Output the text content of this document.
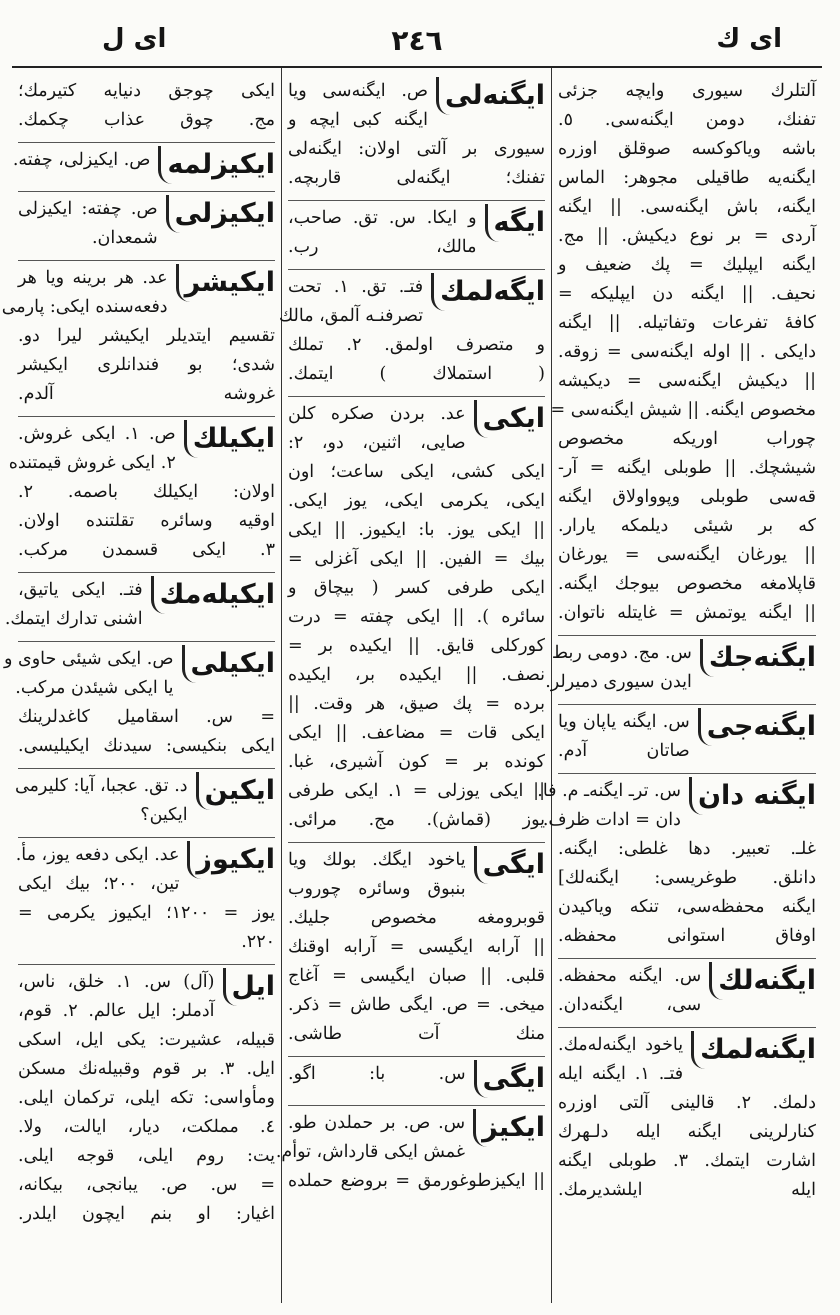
ای ك
٢٤٦
ای ل
آلتلرك سيوری وايچه جزئی
تفنك، دومن ايگنه‌سی. ٥.
باشه وياكوكسه صوقلق اوزره
ايگنه‌يه طاقيلی مجوهر: الماس
ايگنه، باش ايگنه‌سی. || ايگنه
آردی = بر نوع ديكيش. || مج.
ايگنه ايپليك = پك ضعيف و
نحيف. || ايگنه دن ايپليكه =
كافهٔ تفرعات وتفاتيله. || ايگنه
دايكی . || اوله ايگنه‌سی = زوقه.
|| ديكيش ايگنه‌سی = ديكيشه
مخصوص ايگنه. || شيش ايگنه‌سی =
چوراب اوريكه مخصوص
شيشچك. || طوبلی ايگنه = آر-
قه‌سی طوبلی وپوواولاق ايگنه
كه بر شيئی ديلمكه يارار.
|| يورغان ايگنه‌سی = يورغان
قاپلامغه مخصوص بيوجك ايگنه.
|| ايگنه يوتمش = غايتله ناتوان.
ايگنه‌جك
س. مج. دومی ربط
ايدن سيوری دميرلر.
ايگنه‌جی
س. ايگنه ياپان ويا
صاتان آدم.
ايگنه دان
س. ترـ ايگنه‌ـ م. فا.
دان = ادات ظرف.
غلـ. تعبير. دها غلطی: ايگنه.
دانلق. طوغريسی: ايگنه‌لك]
ايگنه محفظه‌سی، تنكه وياكيدن
اوفاق استوانی محفظه.
ايگنه‌لك
س. ايگنه محفظه.
سی، ايگنه‌دان.
ايگنه‌لمك
ياخود ايگنه‌له‌مك.
فتـ. ١. ايگنه ايله
دلمك. ٢. قالينی آلتی اوزره
كنارلرينی ايگنه ايله دلـهرك
اشارت ايتمك. ٣. طوبلی ايگنه
ايله ايلشديرمك.
ايگنه‌لی
ص. ايگنه‌سی ويا
ايگنه كبی ايچه و
سيوری بر آلتی اولان: ايگنه‌لی
تفنك؛ ايگنه‌لی قاربچه.
ايگه
و ايكا. س. تق. صاحب،
مالك، رب.
ايگه‌لمك
فتـ. تق. ١. تحت
تصرفنـه آلمق، مالك
و متصرف اولمق. ٢. تملك
( استملاك ) ايتمك.
ايكی
عد. بردن صكره كلن
صايی، اثنين، دو، ٢:
ايكی كشی، ايكی ساعت؛ اون
ايكی، يكرمی ايكی، يوز ايكی.
|| ايكی يوز. با: ايكيوز. || ايكی
بيك = الفين. || ايكی آغزلی =
ايكی طرفی كسر ( بيچاق و
سائره ). || ايكی چفته = درت
كوركلی قايق. || ايكيده بر =
نصف. || ايكيده بر، ايكيده
برده = پك صيق، هر وقت. ||
ايكی قات = مضاعف. || ايكی
كونده بر = كون آشيری، غبا.
|| ايكی يوزلی = ١. ايكی طرفی
يوز (قماش). مج. مرائی.
ايگی
ياخود ايگك. بولك ويا
بنبوق وسائره چوروب
قوبرومغه مخصوص جليك.
|| آرابه ايگيسی = آرابه اوقنك
قلبی. || صبان ايگيسی = آغاج
ميخی. = ص. ايگی طاش = ذكر.
منك آت طاشی.
ايگی
س. با: اگو.
ايكيز
س. ص. بر حملدن طو.
غمش ايكی قارداش، توأم.
|| ايكيزطوغورمق = بروضع حملده
ايكی چوجق دنيايه كتيرمك؛
مج. چوق عذاب چكمك.
ايكيزلمه
ص. ايكيزلی، چفته.
ايكيزلی
ص. چفته: ايكيزلی
شمعدان.
ايكيشر
عد. هر برينه ويا هر
دفعه‌سنده ايكی: پارمی
تقسيم ايتديلر ايكيشر ليرا دو.
شدی؛ بو فندانلری ايكيشر
غروشه آلدم.
ايكيلك
ص. ١. ايكی غروش.
٢. ايكی غروش قيمتنده
اولان: ايكيلك باصمه. ٢.
اوقيه وسائره تقلتنده اولان.
٣. ايكی قسمدن مركب.
ايكيله‌مك
فتـ. ايكی ياتيق،
اشنی تدارك ايتمك.
ايكيلی
ص. ايكی شيئی حاوی و
يا ايكی شيئدن مركب.
= س. اسقاميل كاغدلرينك
ايكی بنكيسی: سيدنك ايكيليسی.
ايكين
د. تق. عجبا، آيا: كليرمی
ايكين؟
ايكيوز
عد. ايكی دفعه يوز، مأ.
تين، ٢٠٠؛ بيك ايكی
يوز = ١٢٠٠؛ ايكيوز يكرمی =
٢٢٠.
ايل
(آل) س. ١. خلق، ناس،
آدملر: ايل عالم. ٢. قوم،
قبيله، عشيرت: يكی ايل، اسكی
ايل. ٣. بر قوم وقبيله‌نك مسكن
ومأواسی: تكه ايلی، تركمان ايلی.
٤. مملكت، ديار، ايالت، ولا.
يت: روم ايلی، قوجه ايلی.
= س. ص. يبانجی، بيكانه،
اغيار: او بنم ايچون ايلدر.
